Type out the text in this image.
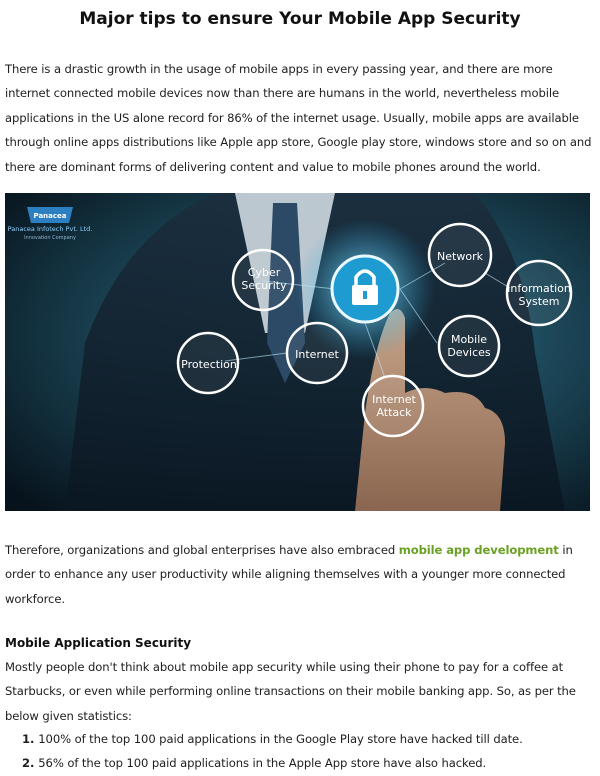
Major tips to ensure Your Mobile App Security

There is a drastic growth in the usage of mobile apps in every passing year, and there are more internet connected mobile devices now than there are humans in the world, nevertheless mobile applications in the US alone record for 86% of the internet usage. Usually, mobile apps are available through online apps distributions like Apple app store, Google play store, windows store and so on and there are dominant forms of delivering content and value to mobile phones around the world.

Cyber
Security
Network
Information
System
Protection
Internet
Mobile
Devices
Internet
Attack
Panacea
Panacea Infotech Pvt. Ltd.
Innovation Company

Therefore, organizations and global enterprises have also embraced mobile app development in order to enhance any user productivity while aligning themselves with a younger more connected workforce.

Mobile Application Security

Mostly people don't think about mobile app security while using their phone to pay for a coffee at Starbucks, or even while performing online transactions on their mobile banking app. So, as per the below given statistics:

1. 100% of the top 100 paid applications in the Google Play store have hacked till date.
2. 56% of the top 100 paid applications in the Apple App store have also hacked.
